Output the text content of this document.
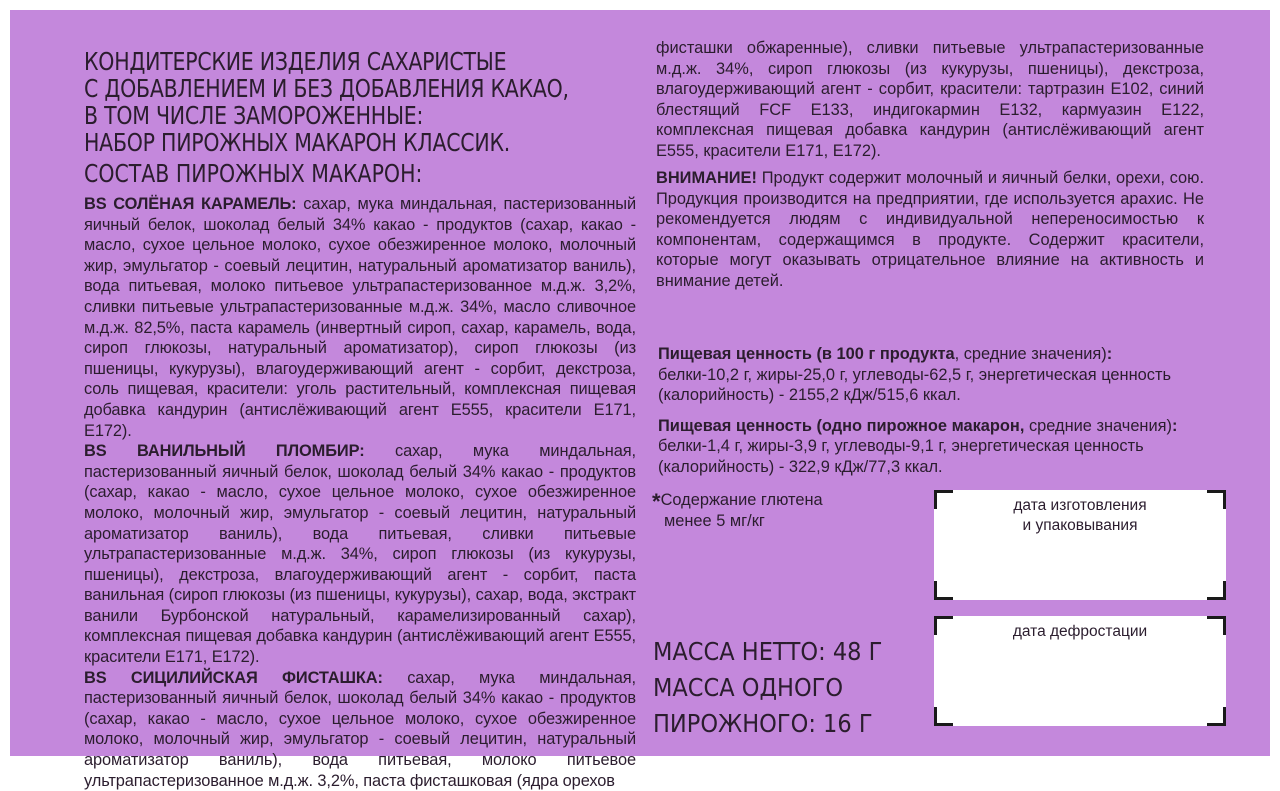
КОНДИТЕРСКИЕ ИЗДЕЛИЯ САХАРИСТЫЕ
С ДОБАВЛЕНИЕМ И БЕЗ ДОБАВЛЕНИЯ КАКАО,
В ТОМ ЧИСЛЕ ЗАМОРОЖЕННЫЕ:
НАБОР ПИРОЖНЫХ МАКАРОН КЛАССИК.
СОСТАВ ПИРОЖНЫХ МАКАРОН:

BS СОЛЁНАЯ КАРАМЕЛЬ: сахар, мука миндальная, пастеризованный яичный белок, шоколад белый 34% какао - продуктов (сахар, какао - масло, сухое цельное молоко, сухое обезжиренное молоко, молочный жир, эмульгатор - соевый лецитин, натуральный ароматизатор ваниль), вода питьевая, молоко питьевое ультрапастеризованное м.д.ж. 3,2%, сливки питьевые ультрапастеризованные м.д.ж. 34%, масло сливочное м.д.ж. 82,5%, паста карамель (инвертный сироп, сахар, карамель, вода, сироп глюкозы, натуральный ароматизатор), сироп глюкозы (из пшеницы, кукурузы), влагоудерживающий агент - сорбит, декстроза, соль пищевая, красители: уголь растительный, комплексная пищевая добавка кандурин (антислёживающий агент Е555, красители Е171, Е172).

BS ВАНИЛЬНЫЙ ПЛОМБИР: сахар, мука миндальная, пастеризованный яичный белок, шоколад белый 34% какао - продуктов (сахар, какао - масло, сухое цельное молоко, сухое обезжиренное молоко, молочный жир, эмульгатор - соевый лецитин, натуральный ароматизатор ваниль), вода питьевая, сливки питьевые ультрапастеризованные м.д.ж. 34%, сироп глюкозы (из кукурузы, пшеницы), декстроза, влагоудерживающий агент - сорбит, паста ванильная (сироп глюкозы (из пшеницы, кукурузы), сахар, вода, экстракт ванили Бурбонской натуральный, карамелизированный сахар), комплексная пищевая добавка кандурин (антислёживающий агент Е555, красители Е171, Е172).

BS СИЦИЛИЙСКАЯ ФИСТАШКА: сахар, мука миндальная, пастеризованный яичный белок, шоколад белый 34% какао - продуктов (сахар, какао - масло, сухое цельное молоко, сухое обезжиренное молоко, молочный жир, эмульгатор - соевый лецитин, натуральный ароматизатор ваниль), вода питьевая, молоко питьевое ультрапастеризованное м.д.ж. 3,2%, паста фисташковая (ядра орехов

фисташки обжаренные), сливки питьевые ультрапастеризованные м.д.ж. 34%, сироп глюкозы (из кукурузы, пшеницы), декстроза, влагоудерживающий агент - сорбит, красители: тартразин Е102, синий блестящий FCF Е133, индигокармин Е132, кармуазин Е122, комплексная пищевая добавка кандурин (антислёживающий агент Е555, красители Е171, Е172).

ВНИМАНИЕ! Продукт содержит молочный и яичный белки, орехи, сою. Продукция производится на предприятии, где используется арахис. Не рекомендуется людям с индивидуальной непереносимостью к компонентам, содержащимся в продукте. Содержит красители, которые могут оказывать отрицательное влияние на активность и внимание детей.

Пищевая ценность (в 100 г продукта, средние значения):

белки-10,2 г, жиры-25,0 г, углеводы-62,5 г, энергетическая ценность (калорийность) - 2155,2 кДж/515,6 ккал.

Пищевая ценность (одно пирожное макарон, средние значения):

белки-1,4 г, жиры-3,9 г, углеводы-9,1 г, энергетическая ценность (калорийность) - 322,9 кДж/77,3 ккал.

*Содержание глютена
менее 5 мг/кг
МАССА НЕТТО: 48 Г
МАССА ОДНОГО
ПИРОЖНОГО: 16 Г
дата изготовления
и упаковывания
дата дефростации
